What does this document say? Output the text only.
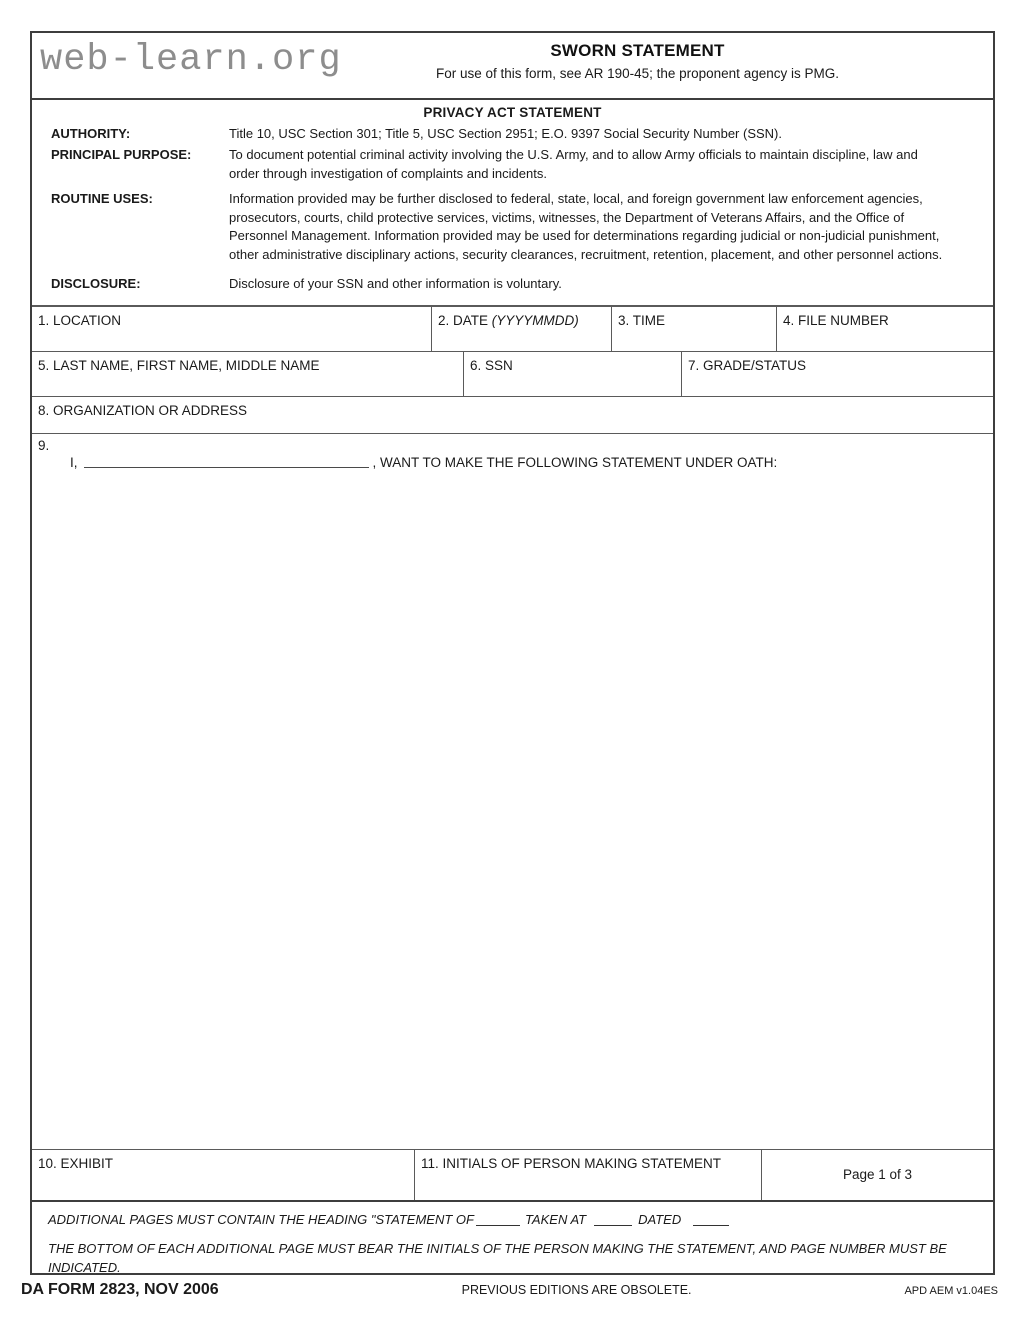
web-learn.org	SWORN STATEMENT
For use of this form, see AR 190-45; the proponent agency is PMG.
PRIVACY ACT STATEMENT
AUTHORITY:	Title 10, USC Section 301; Title 5, USC Section 2951; E.O. 9397 Social Security Number (SSN).
PRINCIPAL PURPOSE:	To document potential criminal activity involving the U.S. Army, and to allow Army officials to maintain discipline, law and order through investigation of complaints and incidents.
ROUTINE USES:	Information provided may be further disclosed to federal, state, local, and foreign government law enforcement agencies, prosecutors, courts, child protective services, victims, witnesses, the Department of Veterans Affairs, and the Office of Personnel Management. Information provided may be used for determinations regarding judicial or non-judicial punishment, other administrative disciplinary actions, security clearances, recruitment, retention, placement, and other personnel actions.
DISCLOSURE:	Disclosure of your SSN and other information is voluntary.
1. LOCATION	2. DATE (YYYYMMDD)	3. TIME	4. FILE NUMBER
5. LAST NAME, FIRST NAME, MIDDLE NAME	6. SSN	7. GRADE/STATUS
8. ORGANIZATION OR ADDRESS
9.
I,	, WANT TO MAKE THE FOLLOWING STATEMENT UNDER OATH:
10. EXHIBIT	11. INITIALS OF PERSON MAKING STATEMENT
Page 1 of 3
ADDITIONAL PAGES MUST CONTAIN THE HEADING "STATEMENT OF	TAKEN AT	DATED
THE BOTTOM OF EACH ADDITIONAL PAGE MUST BEAR THE INITIALS OF THE PERSON MAKING THE STATEMENT, AND PAGE NUMBER MUST BE INDICATED.
DA FORM 2823, NOV 2006	PREVIOUS EDITIONS ARE OBSOLETE.	APD AEM v1.04ES
